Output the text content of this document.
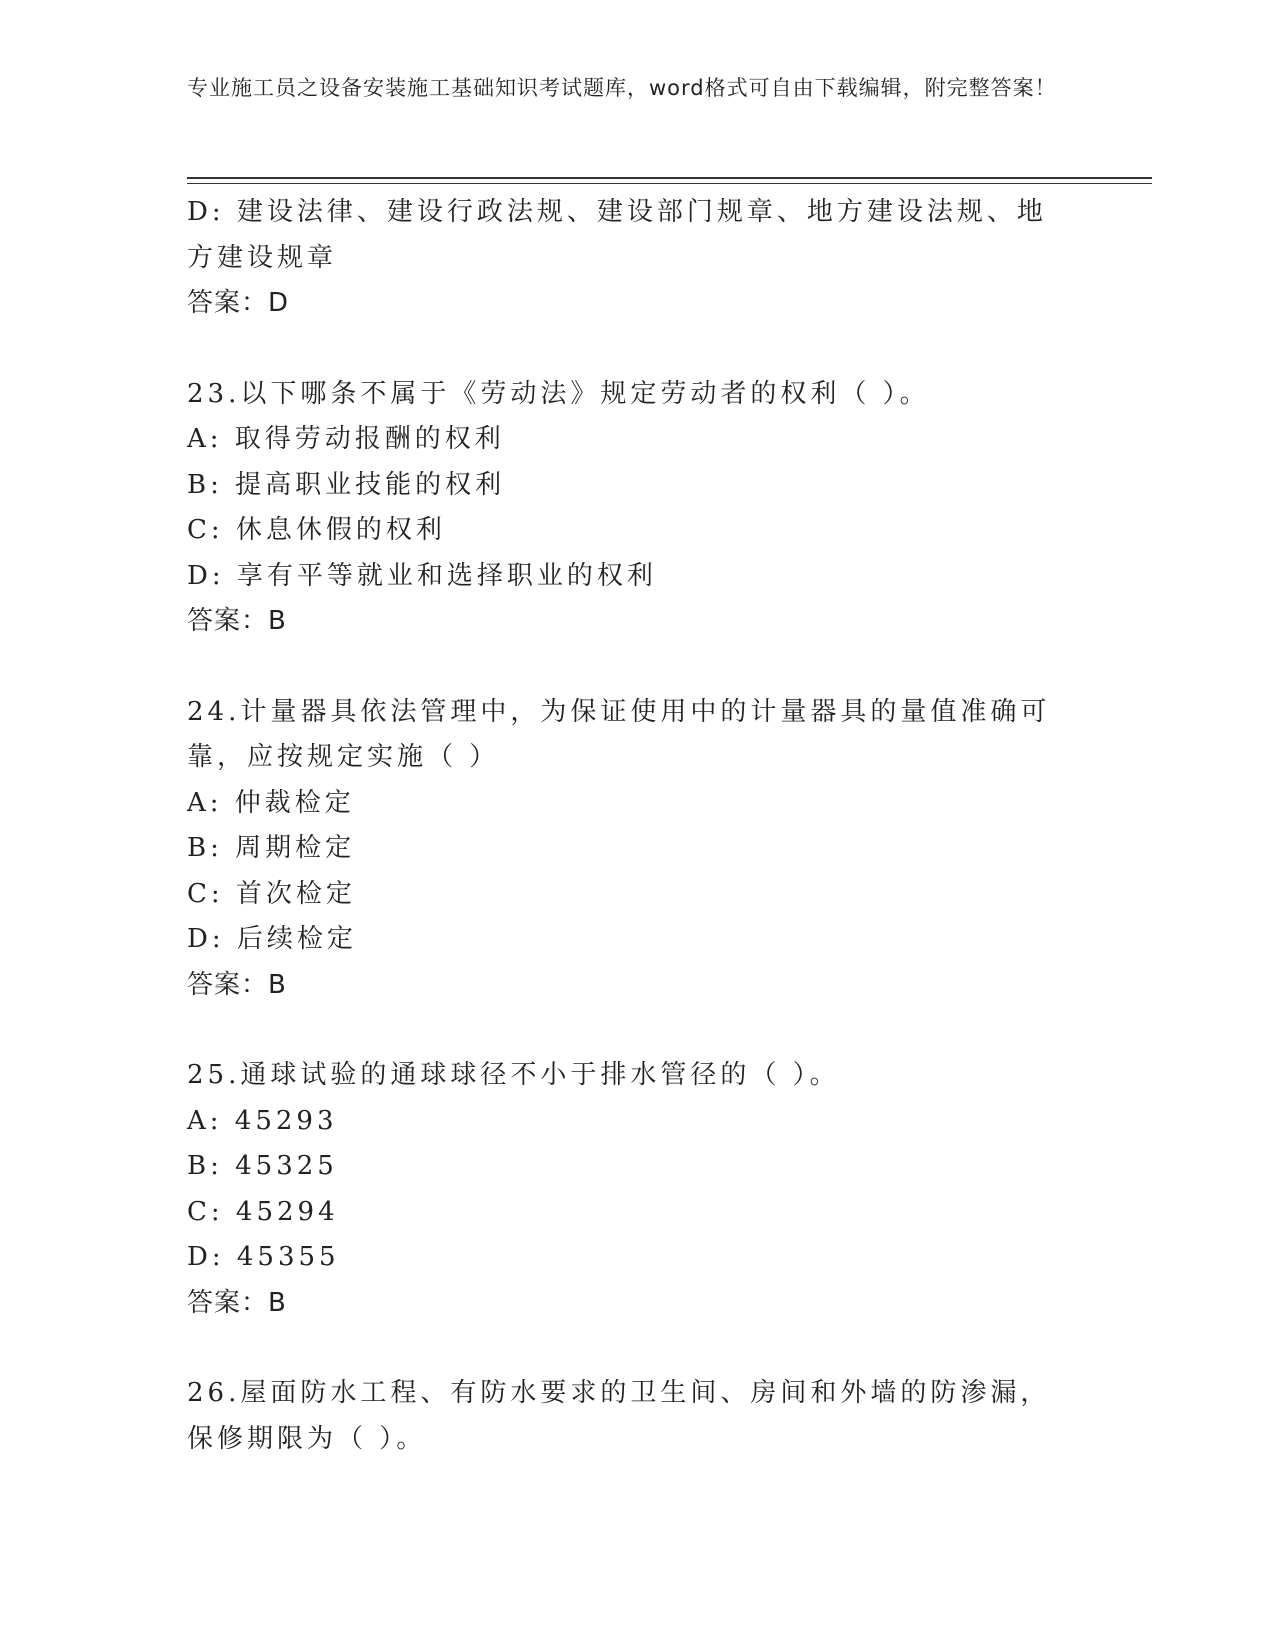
专业施工员之设备安装施工基础知识考试题库，word格式可自由下载编辑，附完整答案！
D: 建设法律、建设行政法规、建设部门规章、地方建设法规、地方建设规章
答案：D
23.以下哪条不属于《劳动法》规定劳动者的权利（ ）。
A: 取得劳动报酬的权利
B: 提高职业技能的权利
C: 休息休假的权利
D: 享有平等就业和选择职业的权利
答案：B
24.计量器具依法管理中，为保证使用中的计量器具的量值准确可靠，应按规定实施（ ）
A: 仲裁检定
B: 周期检定
C: 首次检定
D: 后续检定
答案：B
25.通球试验的通球球径不小于排水管径的（ ）。
A: 45293
B: 45325
C: 45294
D: 45355
答案：B
26.屋面防水工程、有防水要求的卫生间、房间和外墙的防渗漏，保修期限为（ ）。
